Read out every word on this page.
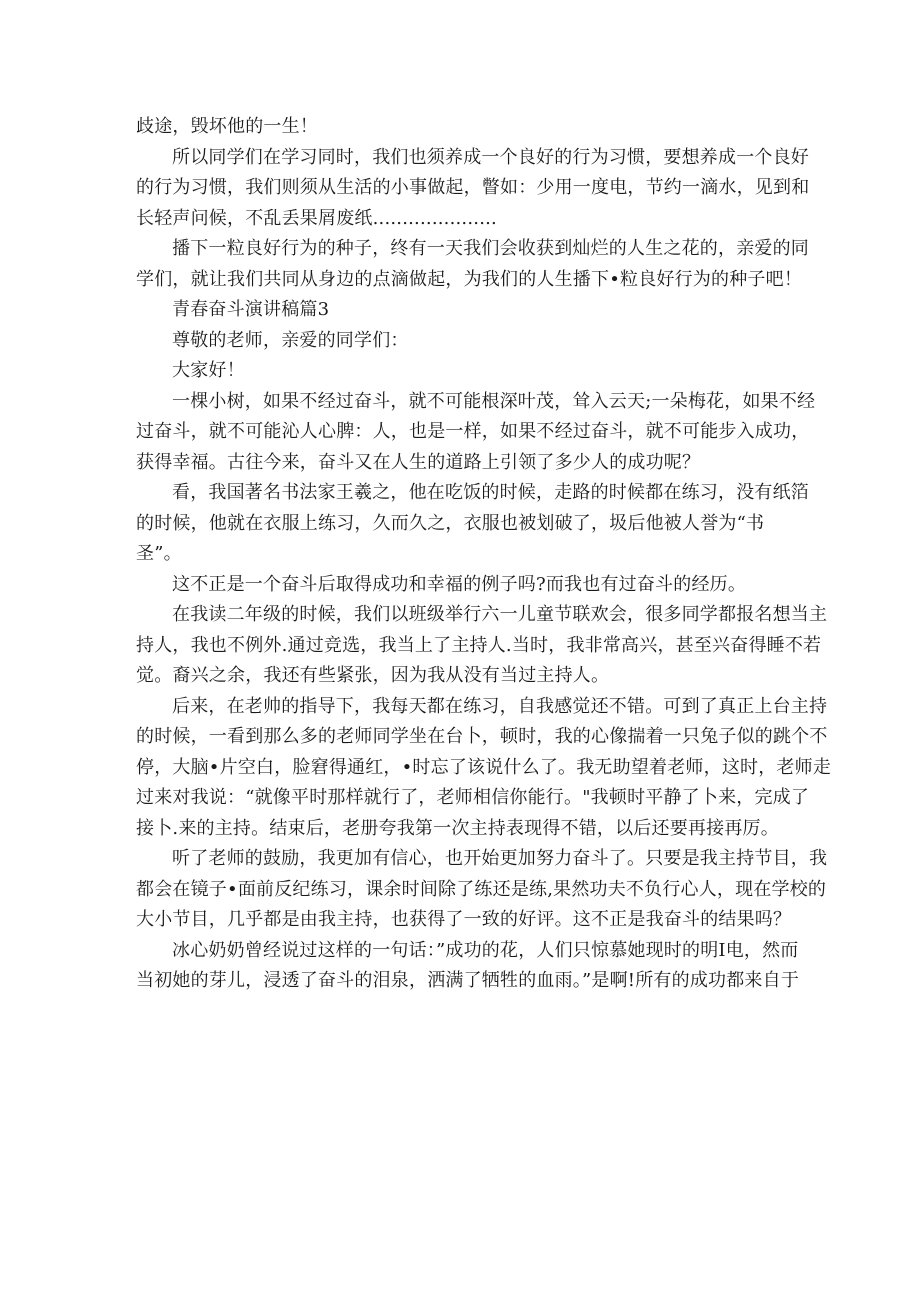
歧途，毁坏他的一生！
所以同学们在学习同时，我们也须养成一个良好的行为习惯，要想养成一个良好
的行为习惯，我们则须从生活的小事做起，瞥如：少用一度电，节约一滴水，见到和
长轻声问候，不乱丢果屑废纸.....................
播下一粒良好行为的种子，终有一天我们会收获到灿烂的人生之花的，亲爱的同
学们，就让我们共同从身边的点滴做起，为我们的人生播下•粒良好行为的种子吧！
青春奋斗演讲稿篇3
尊敬的老师，亲爱的同学们：
大家好！
一棵小树，如果不经过奋斗，就不可能根深叶茂，耸入云天;一朵梅花，如果不经
过奋斗，就不可能沁人心脾：人，也是一样，如果不经过奋斗，就不可能步入成功，
获得幸福。古往今来，奋斗又在人生的道路上引领了多少人的成功呢？
看，我国著名书法家王羲之，他在吃饭的时候，走路的时候都在练习，没有纸箔
的时候，他就在衣服上练习，久而久之，衣服也被划破了，圾后他被人誉为“书
圣”。
这不正是一个奋斗后取得成功和幸福的例子吗?而我也有过奋斗的经历。
在我读二年级的时候，我们以班级举行六一儿童节联欢会，很多同学都报名想当主
持人，我也不例外.通过竞选，我当上了主持人.当时，我非常高兴，甚至兴奋得睡不若
觉。裔兴之余，我还有些紧张，因为我从没有当过主持人。
后来，在老帅的指导下，我每天都在练习，自我感觉还不错。可到了真正上台主持
的时候，一看到那么多的老师同学坐在台卜，顿时，我的心像揣着一只兔子似的跳个不
停，大脑•片空白，脸窘得通红，•时忘了该说什么了。我无助望着老师，这时，老师走
过来对我说：“就像平时那样就行了，老师相信你能行。"我顿时平静了卜来，完成了
接卜.来的主持。结束后，老册夸我第一次主持表现得不错，以后还要再接再厉。
听了老师的鼓励，我更加有信心，也开始更加努力奋斗了。只要是我主持节目，我
都会在镜子•面前反纪练习，课余时间除了练还是练,果然功夫不负行心人，现在学校的
大小节目，几乎都是由我主持，也获得了一致的好评。这不正是我奋斗的结果吗？
冰心奶奶曾经说过这样的一句话：”成功的花，人们只惊慕她现时的明I电，然而
当初她的芽儿，浸透了奋斗的泪泉，洒满了牺牲的血雨。”是啊!所有的成功都来自于
